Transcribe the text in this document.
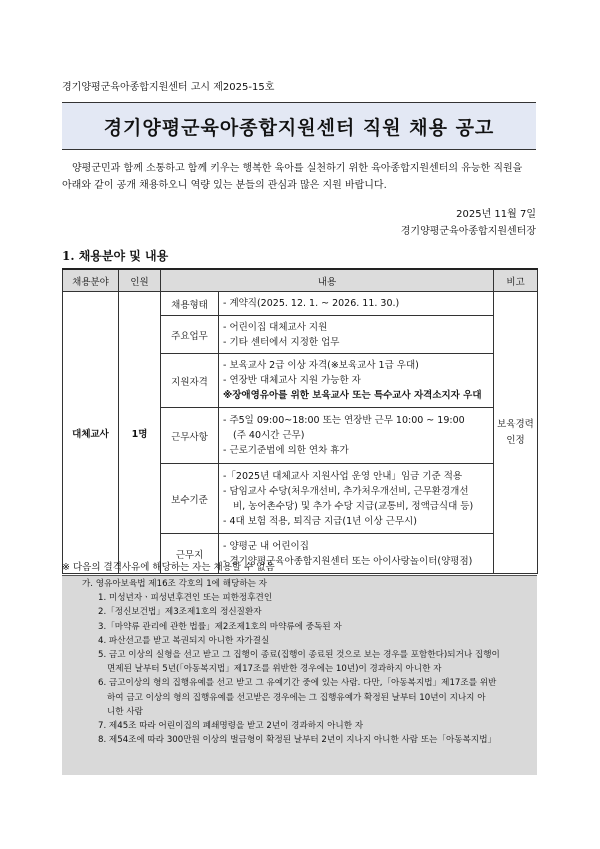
경기양평군육아종합지원센터 고시 제2025-15호
경기양평군육아종합지원센터 직원 채용 공고
양평군민과 함께 소통하고 함께 키우는 행복한 육아를 실천하기 위한 육아종합지원센터의 유능한 직원을
아래와 같이 공개 채용하오니 역량 있는 분들의 관심과 많은 지원 바랍니다.
2025년 11월 7일
경기양평군육아종합지원센터장
1. 채용분야 및 내용
채용분야	인원	내용		비고
대체교사	1명	채용형태	- 계약직(2025. 12. 1. ~ 2026. 11. 30.)	보육경력
인정

		주요업무	- 어린이집 대체교사 지원
- 기타 센터에서 지정한 업무	

		지원자격	- 보육교사 2급 이상 자격(※보육교사 1급 우대)
- 연장반 대체교사 지원 가능한 자
※장애영유아를 위한 보육교사 또는 특수교사 자격소지자 우대	

		근무사항	- 주5일 09:00~18:00 또는 연장반 근무 10:00 ~ 19:00
(주 40시간 근무)
- 근로기준법에 의한 연차 휴가	

		보수기준	-「2025년 대체교사 지원사업 운영 안내」임금 기준 적용
- 담임교사 수당(처우개선비, 추가처우개선비, 근무환경개선
비, 농어촌수당) 및 추가 수당 지급(교통비, 정액급식대 등)
- 4대 보험 적용, 퇴직금 지급(1년 이상 근무시)	

		근무지	- 양평군 내 어린이집
- 경기양평군육아종합지원센터 또는 아이사랑놀이터(양평점)	
※ 다음의 결격사유에 해당하는 자는 채용할 수 없음
가. 영유아보육법 제16조 각호의 1에 해당하는 자
1. 미성년자ㆍ피성년후견인 또는 피한정후견인
2.「정신보건법」제3조제1호의 정신질환자
3.「마약류 관리에 관한 법률」제2조제1호의 마약류에 중독된 자
4. 파산선고를 받고 복권되지 아니한 자가결실
5. 금고 이상의 실형을 선고 받고 그 집행이 종료(집행이 종료된 것으로 보는 경우를 포함한다)되거나 집행이
면제된 날부터 5년(「아동복지법」제17조를 위반한 경우에는 10년)이 경과하지 아니한 자
6. 금고이상의 형의 집행유예를 선고 받고 그 유예기간 중에 있는 사람. 다만,「아동복지법」제17조를 위반
하여 금고 이상의 형의 집행유예를 선고받은 경우에는 그 집행유예가 확정된 날부터 10년이 지나지 아
니한 사람
7. 제45조 따라 어린이집의 폐쇄명령을 받고 2년이 경과하지 아니한 자
8. 제54조에 따라 300만원 이상의 벌금형이 확정된 날부터 2년이 지나지 아니한 사람 또는「아동복지법」
